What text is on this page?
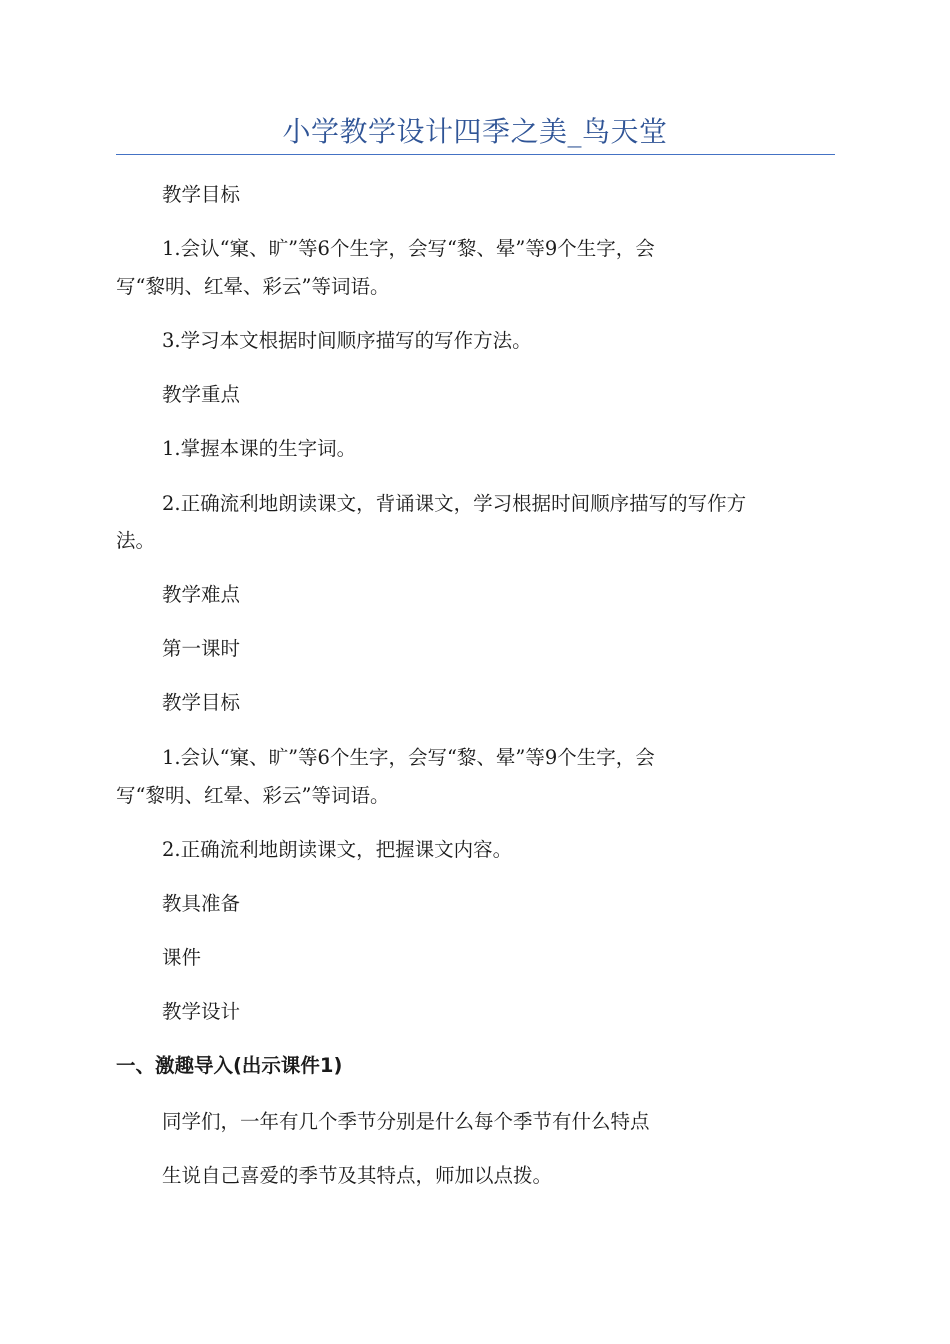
小学教学设计四季之美_鸟天堂
教学目标
1.会认“窠、旷”等6个生字，会写“黎、晕”等9个生字，会
写“黎明、红晕、彩云”等词语。
3.学习本文根据时间顺序描写的写作方法。
教学重点
1.掌握本课的生字词。
2.正确流利地朗读课文，背诵课文，学习根据时间顺序描写的写作方
法。
教学难点
第一课时
教学目标
1.会认“窠、旷”等6个生字，会写“黎、晕”等9个生字，会
写“黎明、红晕、彩云”等词语。
2.正确流利地朗读课文，把握课文内容。
教具准备
课件
教学设计
一、激趣导入(出示课件1)
同学们，一年有几个季节分别是什么每个季节有什么特点
生说自己喜爱的季节及其特点，师加以点拨。
